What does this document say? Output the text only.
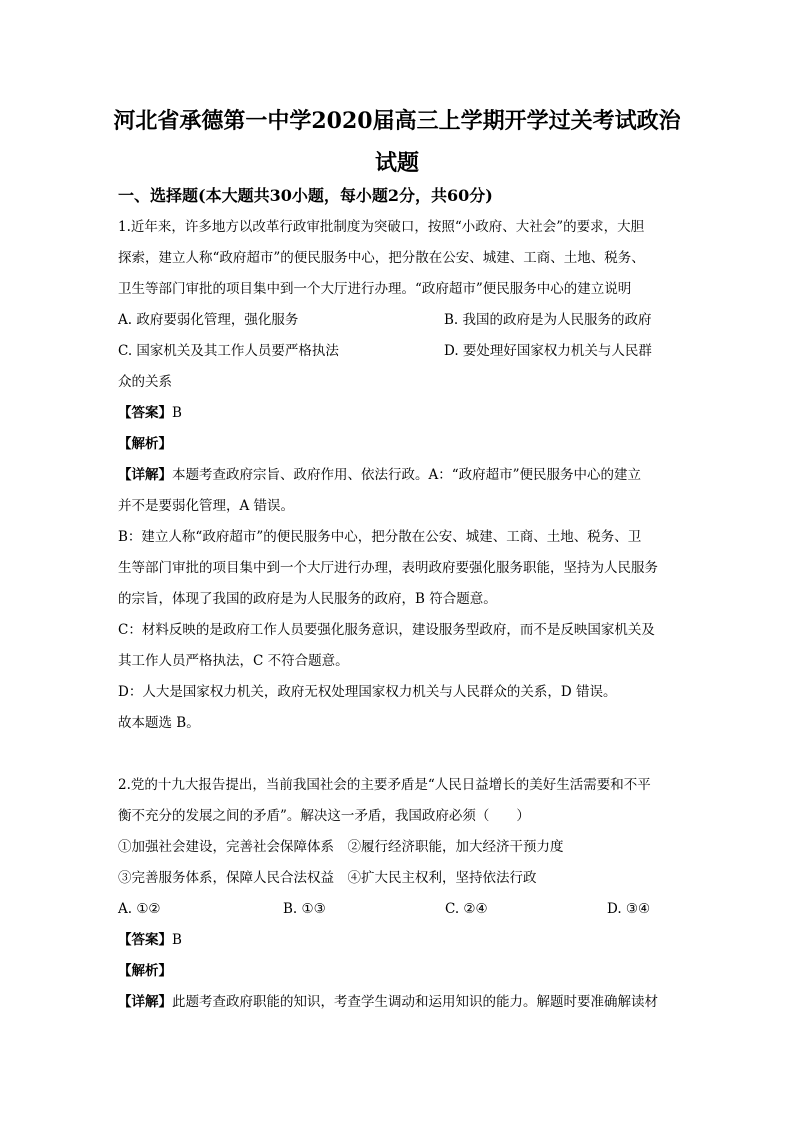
河北省承德第一中学2020届高三上学期开学过关考试政治
试题
一、选择题(本大题共30小题，每小题2分，共60分)
1.近年来，许多地方以改革行政审批制度为突破口，按照“小政府、大社会”的要求，大胆
探索，建立人称“政府超市”的便民服务中心，把分散在公安、城建、工商、土地、税务、
卫生等部门审批的项目集中到一个大厅进行办理。“政府超市”便民服务中心的建立说明
A. 政府要弱化管理，强化服务	B. 我国的政府是为人民服务的政府
C. 国家机关及其工作人员要严格执法	D. 要处理好国家权力机关与人民群
众的关系
【答案】B
【解析】
【详解】本题考查政府宗旨、政府作用、依法行政。A：“政府超市”便民服务中心的建立
并不是要弱化管理，A 错误。
B：建立人称“政府超市”的便民服务中心，把分散在公安、城建、工商、土地、税务、卫
生等部门审批的项目集中到一个大厅进行办理，表明政府要强化服务职能，坚持为人民服务
的宗旨，体现了我国的政府是为人民服务的政府，B 符合题意。
C：材料反映的是政府工作人员要强化服务意识，建设服务型政府，而不是反映国家机关及
其工作人员严格执法，C 不符合题意。
D：人大是国家权力机关，政府无权处理国家权力机关与人民群众的关系，D 错误。
故本题选 B。
2.党的十九大报告提出，当前我国社会的主要矛盾是“人民日益增长的美好生活需要和不平
衡不充分的发展之间的矛盾”。解决这一矛盾，我国政府必须（　　）
①加强社会建设，完善社会保障体系　②履行经济职能，加大经济干预力度
③完善服务体系，保障人民合法权益　④扩大民主权利，坚持依法行政
A. ①②	B. ①③	C. ②④	D. ③④
【答案】B
【解析】
【详解】此题考查政府职能的知识，考查学生调动和运用知识的能力。解题时要准确解读材
